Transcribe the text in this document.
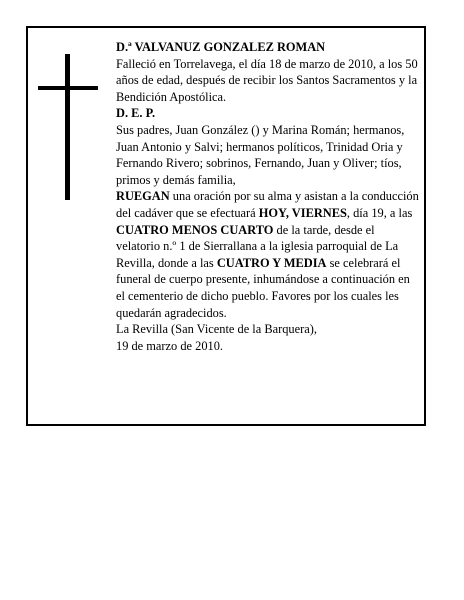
D.ª VALVANUZ GONZALEZ ROMAN

Falleció en Torrelavega, el día 18 de marzo de 2010, a los 50 años de edad, después de recibir los Santos Sacramentos y la Bendición Apostólica.

D. E. P.

Sus padres, Juan González () y Marina Román; hermanos, Juan Antonio y Salvi; hermanos políticos, Trinidad Oria y Fernando Rivero; sobrinos, Fernando, Juan y Oliver; tíos, primos y demás familia,

RUEGAN una oración por su alma y asistan a la conducción del cadáver que se efectuará HOY, VIERNES, día 19, a las CUATRO MENOS CUARTO de la tarde, desde el velatorio n.º 1 de Sierrallana a la iglesia parroquial de La Revilla, donde a las CUATRO Y MEDIA se celebrará el funeral de cuerpo presente, inhumándose a continuación en el cementerio de dicho pueblo. Favores por los cuales les quedarán agradecidos.

La Revilla (San Vicente de la Barquera),

19 de marzo de 2010.
